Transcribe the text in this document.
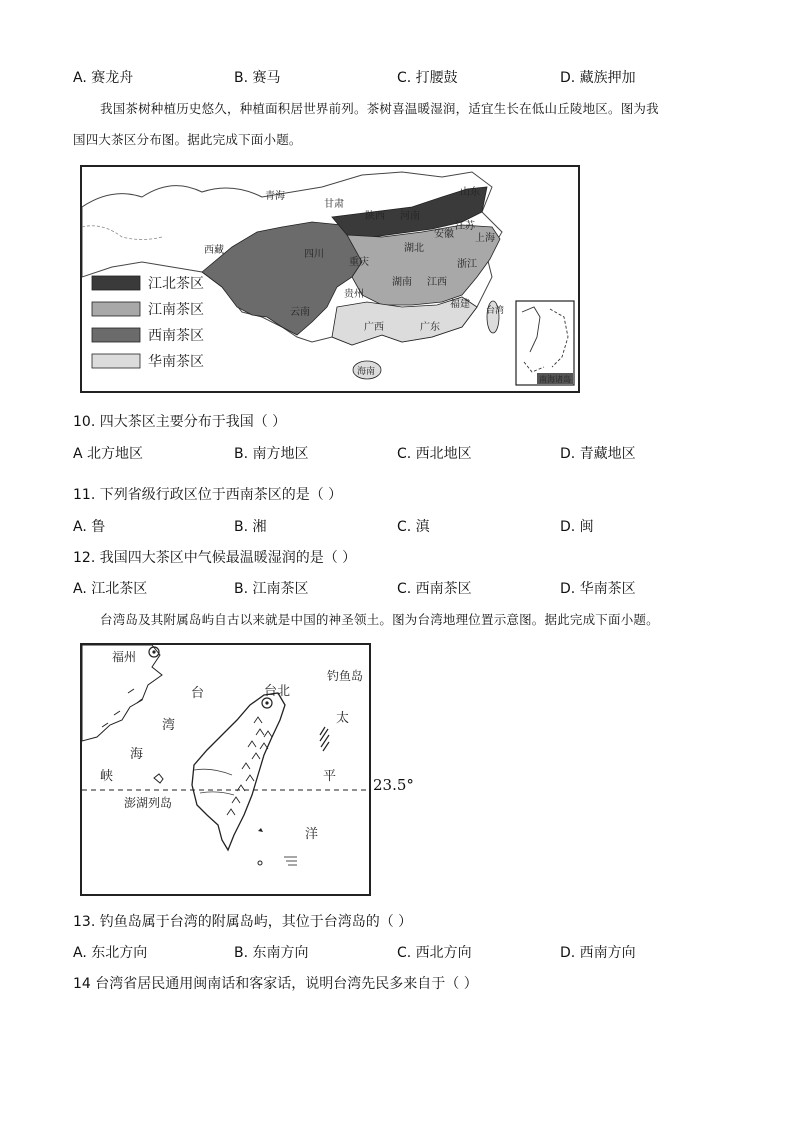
A. 赛龙舟	B. 赛马	C. 打腰鼓	D. 藏族押加
我国茶树种植历史悠久，种植面积居世界前列。茶树喜温暖湿润，适宜生长在低山丘陵地区。图为我
国四大茶区分布图。据此完成下面小题。
青海
甘肃
陕西 河南
山东
西藏	四川
湖北
安徽 上海
重庆
江苏
浙江
湖南 江西
贵州
云南
福建
广西	广东
台湾
海南
江北茶区
江南茶区
西南茶区
华南茶区
南海诸岛
10. 四大茶区主要分布于我国（ ）
A 北方地区	B. 南方地区	C. 西北地区	D. 青藏地区
11. 下列省级行政区位于西南茶区的是（ ）
A. 鲁	B. 湘	C. 滇	D. 闽
12. 我国四大茶区中气候最温暖湿润的是（ ）
A. 江北茶区	B. 江南茶区	C. 西南茶区	D. 华南茶区
台湾岛及其附属岛屿自古以来就是中国的神圣领土。图为台湾地理位置示意图。据此完成下面小题。
福州
台北
钓鱼岛
台
湾
海
峡
太
平
洋
澎湖列岛
23.5°
13. 钓鱼岛属于台湾的附属岛屿，其位于台湾岛的（ ）
A. 东北方向	B. 东南方向	C. 西北方向	D. 西南方向
14 台湾省居民通用闽南话和客家话，说明台湾先民多来自于（ ）
